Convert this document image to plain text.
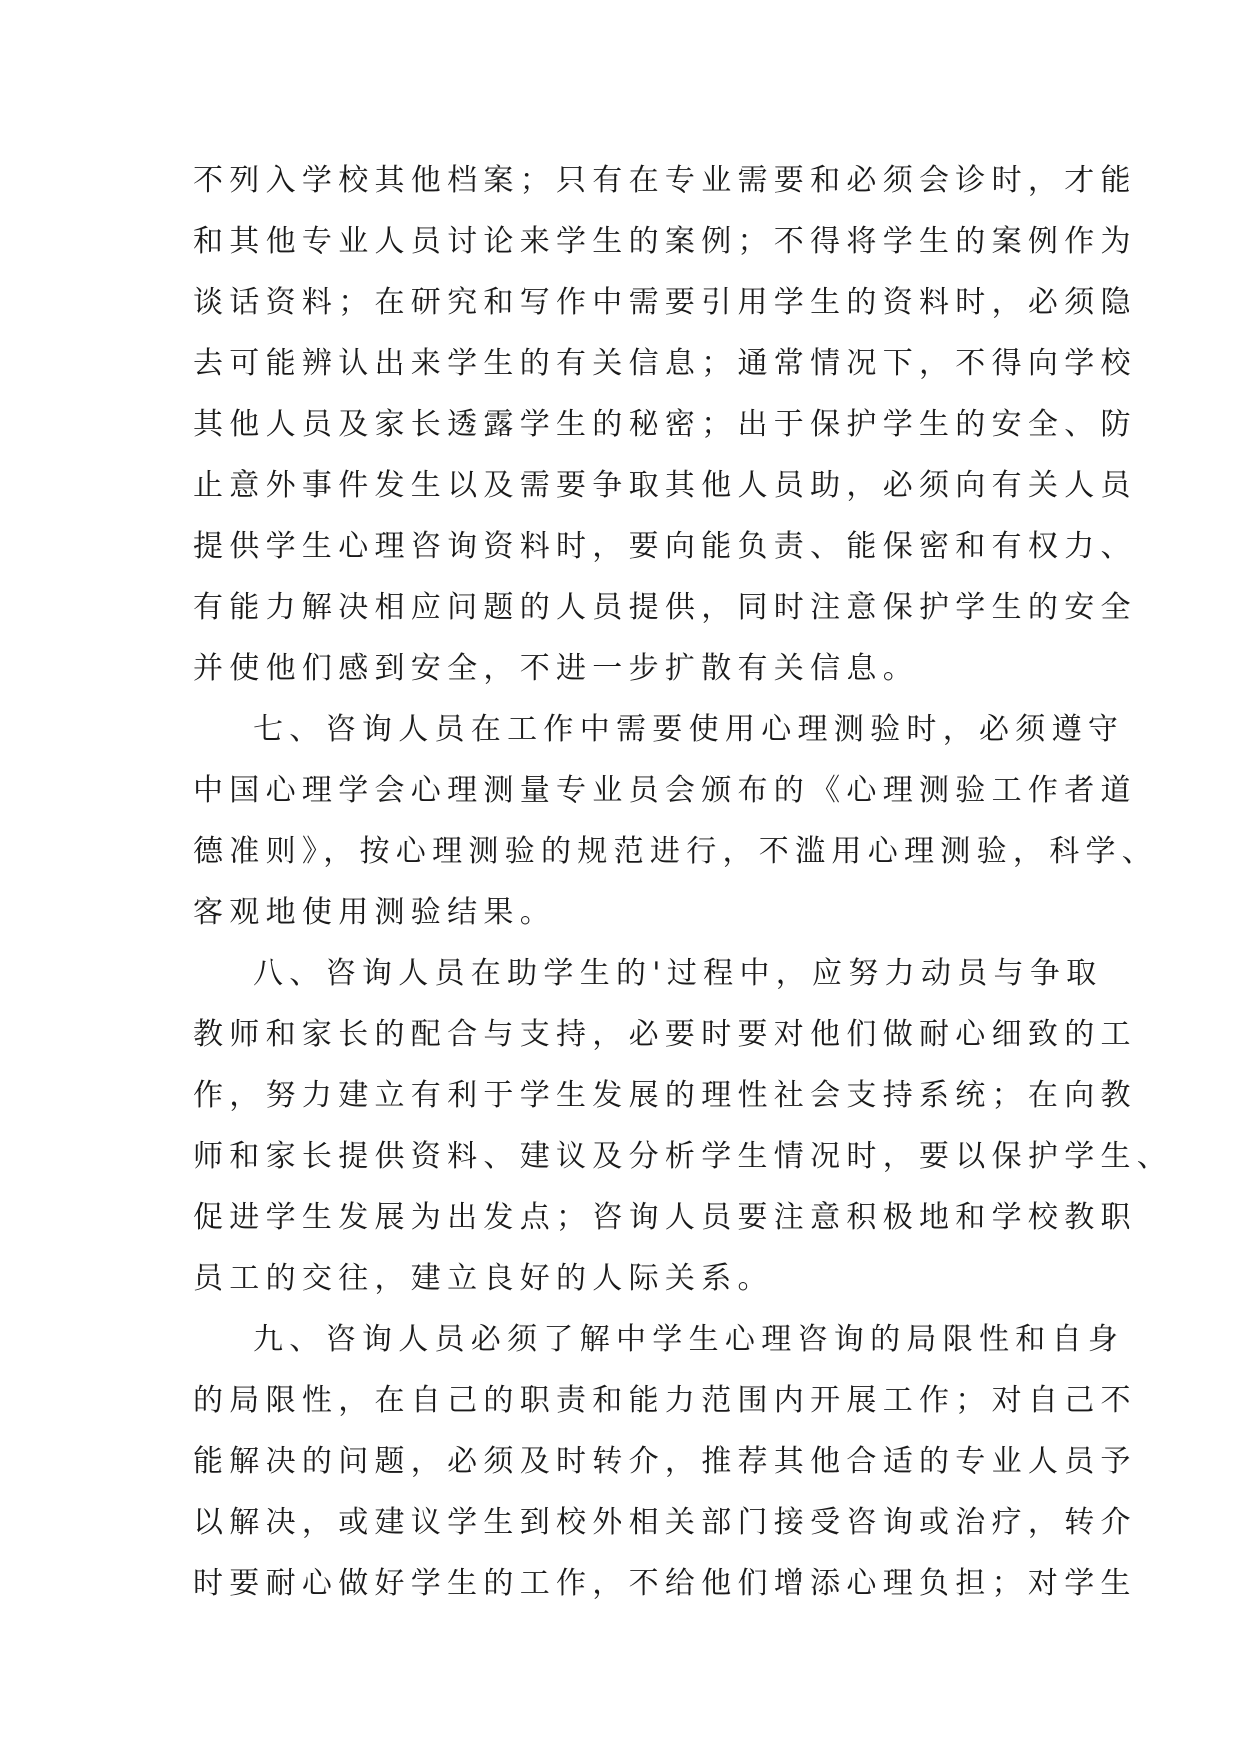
不列入学校其他档案；只有在专业需要和必须会诊时，才能
和其他专业人员讨论来学生的案例；不得将学生的案例作为
谈话资料；在研究和写作中需要引用学生的资料时，必须隐
去可能辨认出来学生的有关信息；通常情况下，不得向学校
其他人员及家长透露学生的秘密；出于保护学生的安全、防
止意外事件发生以及需要争取其他人员助，必须向有关人员
提供学生心理咨询资料时，要向能负责、能保密和有权力、
有能力解决相应问题的人员提供，同时注意保护学生的安全
并使他们感到安全，不进一步扩散有关信息。
七、咨询人员在工作中需要使用心理测验时，必须遵守
中国心理学会心理测量专业员会颁布的《心理测验工作者道
德准则》，按心理测验的规范进行，不滥用心理测验，科学、
客观地使用测验结果。
八、咨询人员在助学生的'过程中，应努力动员与争取
教师和家长的配合与支持，必要时要对他们做耐心细致的工
作，努力建立有利于学生发展的理性社会支持系统；在向教
师和家长提供资料、建议及分析学生情况时，要以保护学生、
促进学生发展为出发点；咨询人员要注意积极地和学校教职
员工的交往，建立良好的人际关系。
九、咨询人员必须了解中学生心理咨询的局限性和自身
的局限性，在自己的职责和能力范围内开展工作；对自己不
能解决的问题，必须及时转介，推荐其他合适的专业人员予
以解决，或建议学生到校外相关部门接受咨询或治疗，转介
时要耐心做好学生的工作，不给他们增添心理负担；对学生
